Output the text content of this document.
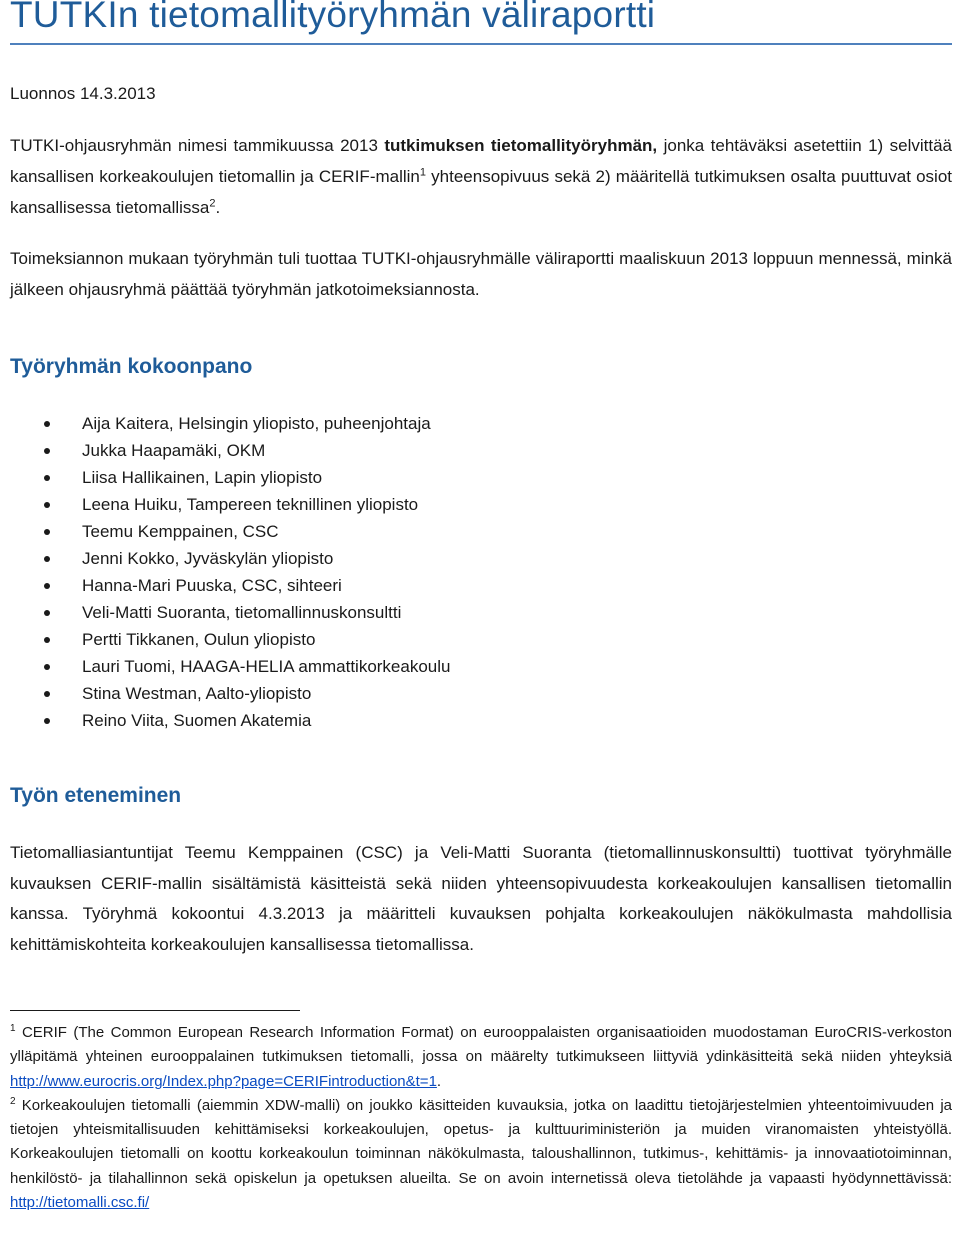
TUTKIn tietomallityöryhmän väliraportti
Luonnos 14.3.2013

TUTKI-ohjausryhmän nimesi tammikuussa 2013 tutkimuksen tietomallityöryhmän, jonka tehtäväksi asetettiin 1) selvittää kansallisen korkeakoulujen tietomallin ja CERIF-mallin$^1$ yhteensopivuus sekä 2) määritellä tutkimuksen osalta puuttuvat osiot kansallisessa tietomallissa$^2$.

Toimeksiannon mukaan työryhmän tuli tuottaa TUTKI-ohjausryhmälle väliraportti maaliskuun 2013 loppuun mennessä, minkä jälkeen ohjausryhmä päättää työryhmän jatkotoimeksiannosta.

Työryhmän kokoonpano
Aija Kaitera, Helsingin yliopisto, puheenjohtaja
Jukka Haapamäki, OKM
Liisa Hallikainen, Lapin yliopisto
Leena Huiku, Tampereen teknillinen yliopisto
Teemu Kemppainen, CSC
Jenni Kokko, Jyväskylän yliopisto
Hanna-Mari Puuska, CSC, sihteeri
Veli-Matti Suoranta, tietomallinnuskonsultti
Pertti Tikkanen, Oulun yliopisto
Lauri Tuomi, HAAGA-HELIA ammattikorkeakoulu
Stina Westman, Aalto-yliopisto
Reino Viita, Suomen Akatemia
Työn eteneminen

Tietomalliasiantuntijat Teemu Kemppainen (CSC) ja Veli-Matti Suoranta (tietomallinnuskonsultti) tuottivat työryhmälle kuvauksen CERIF-mallin sisältämistä käsitteistä sekä niiden yhteensopivuudesta korkeakoulujen kansallisen tietomallin kanssa. Työryhmä kokoontui 4.3.2013 ja määritteli kuvauksen pohjalta korkeakoulujen näkökulmasta mahdollisia kehittämiskohteita korkeakoulujen kansallisessa tietomallissa.

$^1$ CERIF (The Common European Research Information Format) on eurooppalaisten organisaatioiden muodostaman EuroCRIS-verkoston ylläpitämä yhteinen eurooppalainen tutkimuksen tietomalli, jossa on määrelty tutkimukseen liittyviä ydinkäsitteitä sekä niiden yhteyksiä http://www.eurocris.org/Index.php?page=CERIFintroduction&t=1.

$^2$ Korkeakoulujen tietomalli (aiemmin XDW-malli) on joukko käsitteiden kuvauksia, jotka on laadittu tietojärjestelmien yhteentoimivuuden ja tietojen yhteismitallisuuden kehittämiseksi korkeakoulujen, opetus- ja kulttuuriministeriön ja muiden viranomaisten yhteistyöllä. Korkeakoulujen tietomalli on koottu korkeakoulun toiminnan näkökulmasta, taloushallinnon, tutkimus-, kehittämis- ja innovaatiotoiminnan, henkilöstö- ja tilahallinnon sekä opiskelun ja opetuksen alueilta. Se on avoin internetissä oleva tietolähde ja vapaasti hyödynnettävissä: http://tietomalli.csc.fi/
